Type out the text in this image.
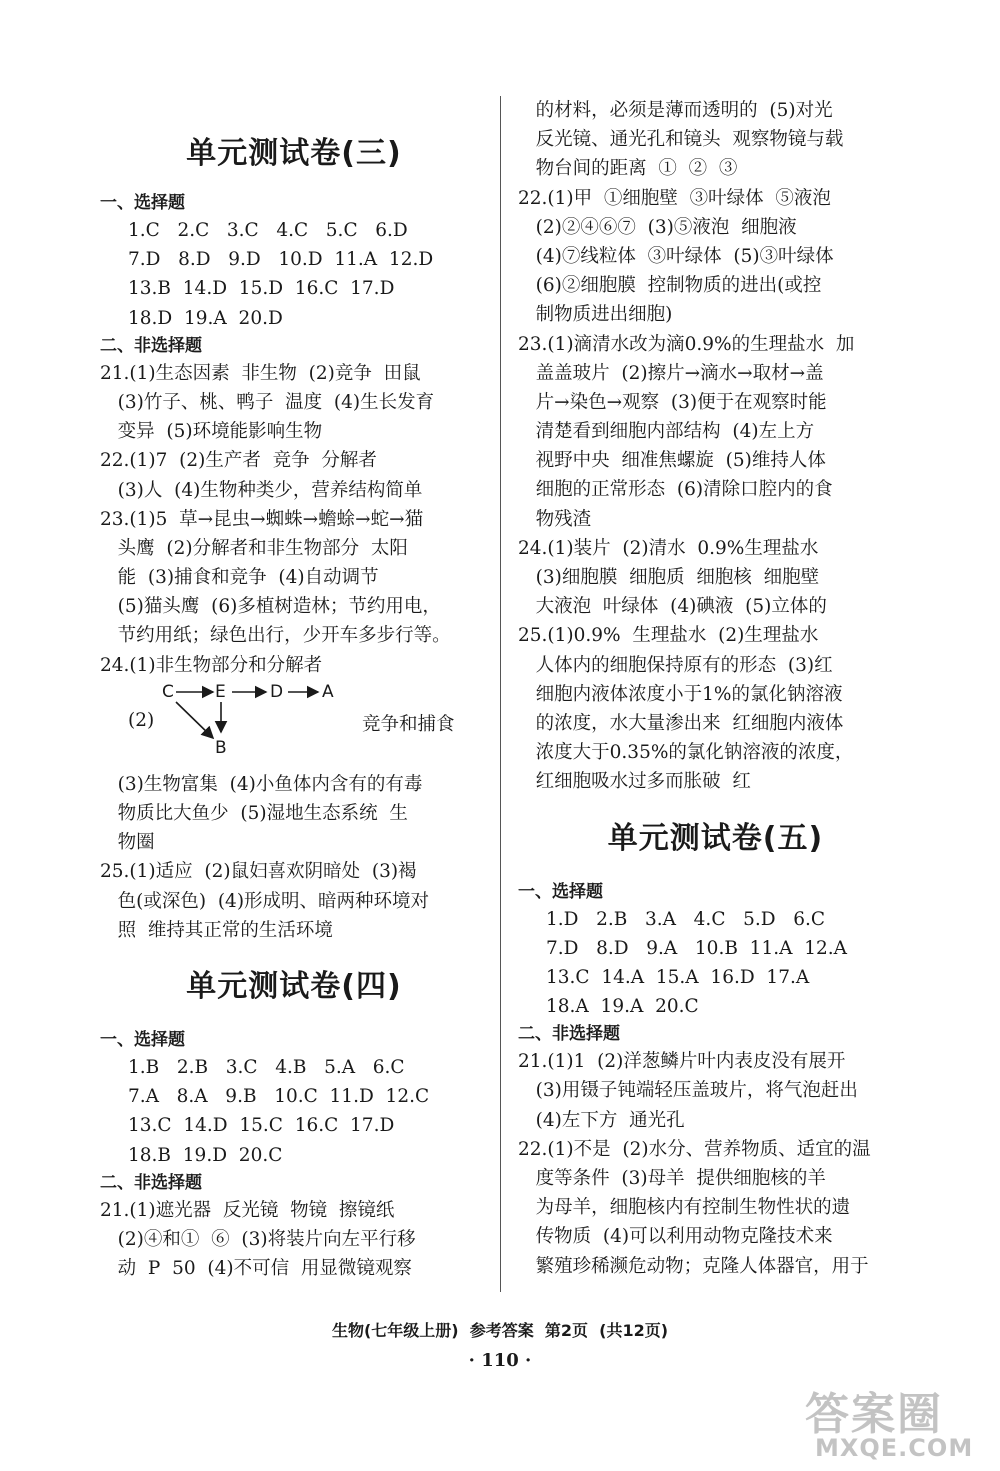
单元测试卷(三)
一、选择题
1.C   2.C   3.C   4.C   5.C   6.D
7.D   8.D   9.D   10.D  11.A  12.D
13.B  14.D  15.D  16.C  17.D
18.D  19.A  20.D
二、非选择题
21.(1)生态因素  非生物  (2)竞争  田鼠
(3)竹子、桃、鸭子  温度  (4)生长发育
变异  (5)环境能影响生物
22.(1)7  (2)生产者  竞争  分解者
(3)人  (4)生物种类少，营养结构简单
23.(1)5  草→昆虫→蜘蛛→蟾蜍→蛇→猫
头鹰  (2)分解者和非生物部分  太阳
能  (3)捕食和竞争  (4)自动调节
(5)猫头鹰  (6)多植树造林；节约用电，
节约用纸；绿色出行，少开车多步行等。
24.(1)非生物部分和分解者
(2)
C E	D A
B
竞争和捕食
(3)生物富集  (4)小鱼体内含有的有毒
物质比大鱼少  (5)湿地生态系统  生
物圈
25.(1)适应  (2)鼠妇喜欢阴暗处  (3)褐
色(或深色)  (4)形成明、暗两种环境对
照  维持其正常的生活环境
单元测试卷(四)
一、选择题
1.B   2.B   3.C   4.B   5.A   6.C
7.A   8.A   9.B   10.C  11.D  12.C
13.C  14.D  15.C  16.C  17.D
18.B  19.D  20.C
二、非选择题
21.(1)遮光器  反光镜  物镜  擦镜纸
(2)④和①  ⑥  (3)将装片向左平行移
动  P  50  (4)不可信  用显微镜观察
的材料，必须是薄而透明的  (5)对光
反光镜、通光孔和镜头  观察物镜与载
物台间的距离  ①  ②  ③
22.(1)甲  ①细胞壁  ③叶绿体  ⑤液泡
(2)②④⑥⑦  (3)⑤液泡  细胞液
(4)⑦线粒体  ③叶绿体  (5)③叶绿体
(6)②细胞膜  控制物质的进出(或控
制物质进出细胞)
23.(1)滴清水改为滴0.9%的生理盐水  加
盖盖玻片  (2)擦片→滴水→取材→盖
片→染色→观察  (3)便于在观察时能
清楚看到细胞内部结构  (4)左上方
视野中央  细准焦螺旋  (5)维持人体
细胞的正常形态  (6)清除口腔内的食
物残渣
24.(1)装片  (2)清水  0.9%生理盐水
(3)细胞膜  细胞质  细胞核  细胞壁
大液泡  叶绿体  (4)碘液  (5)立体的
25.(1)0.9%  生理盐水  (2)生理盐水
人体内的细胞保持原有的形态  (3)红
细胞内液体浓度小于1%的氯化钠溶液
的浓度，水大量渗出来  红细胞内液体
浓度大于0.35%的氯化钠溶液的浓度，
红细胞吸水过多而胀破  红
单元测试卷(五)
一、选择题
1.D   2.B   3.A   4.C   5.D   6.C
7.D   8.D   9.A   10.B  11.A  12.A
13.C  14.A  15.A  16.D  17.A
18.A  19.A  20.C
二、非选择题
21.(1)1  (2)洋葱鳞片叶内表皮没有展开
(3)用镊子钝端轻压盖玻片，将气泡赶出
(4)左下方  通光孔
22.(1)不是  (2)水分、营养物质、适宜的温
度等条件  (3)母羊  提供细胞核的羊
为母羊，细胞核内有控制生物性状的遗
传物质  (4)可以利用动物克隆技术来
繁殖珍稀濒危动物；克隆人体器官，用于
生物(七年级上册)  参考答案  第2页  (共12页)
· 110 ·
答案圈
MXQE.COM
